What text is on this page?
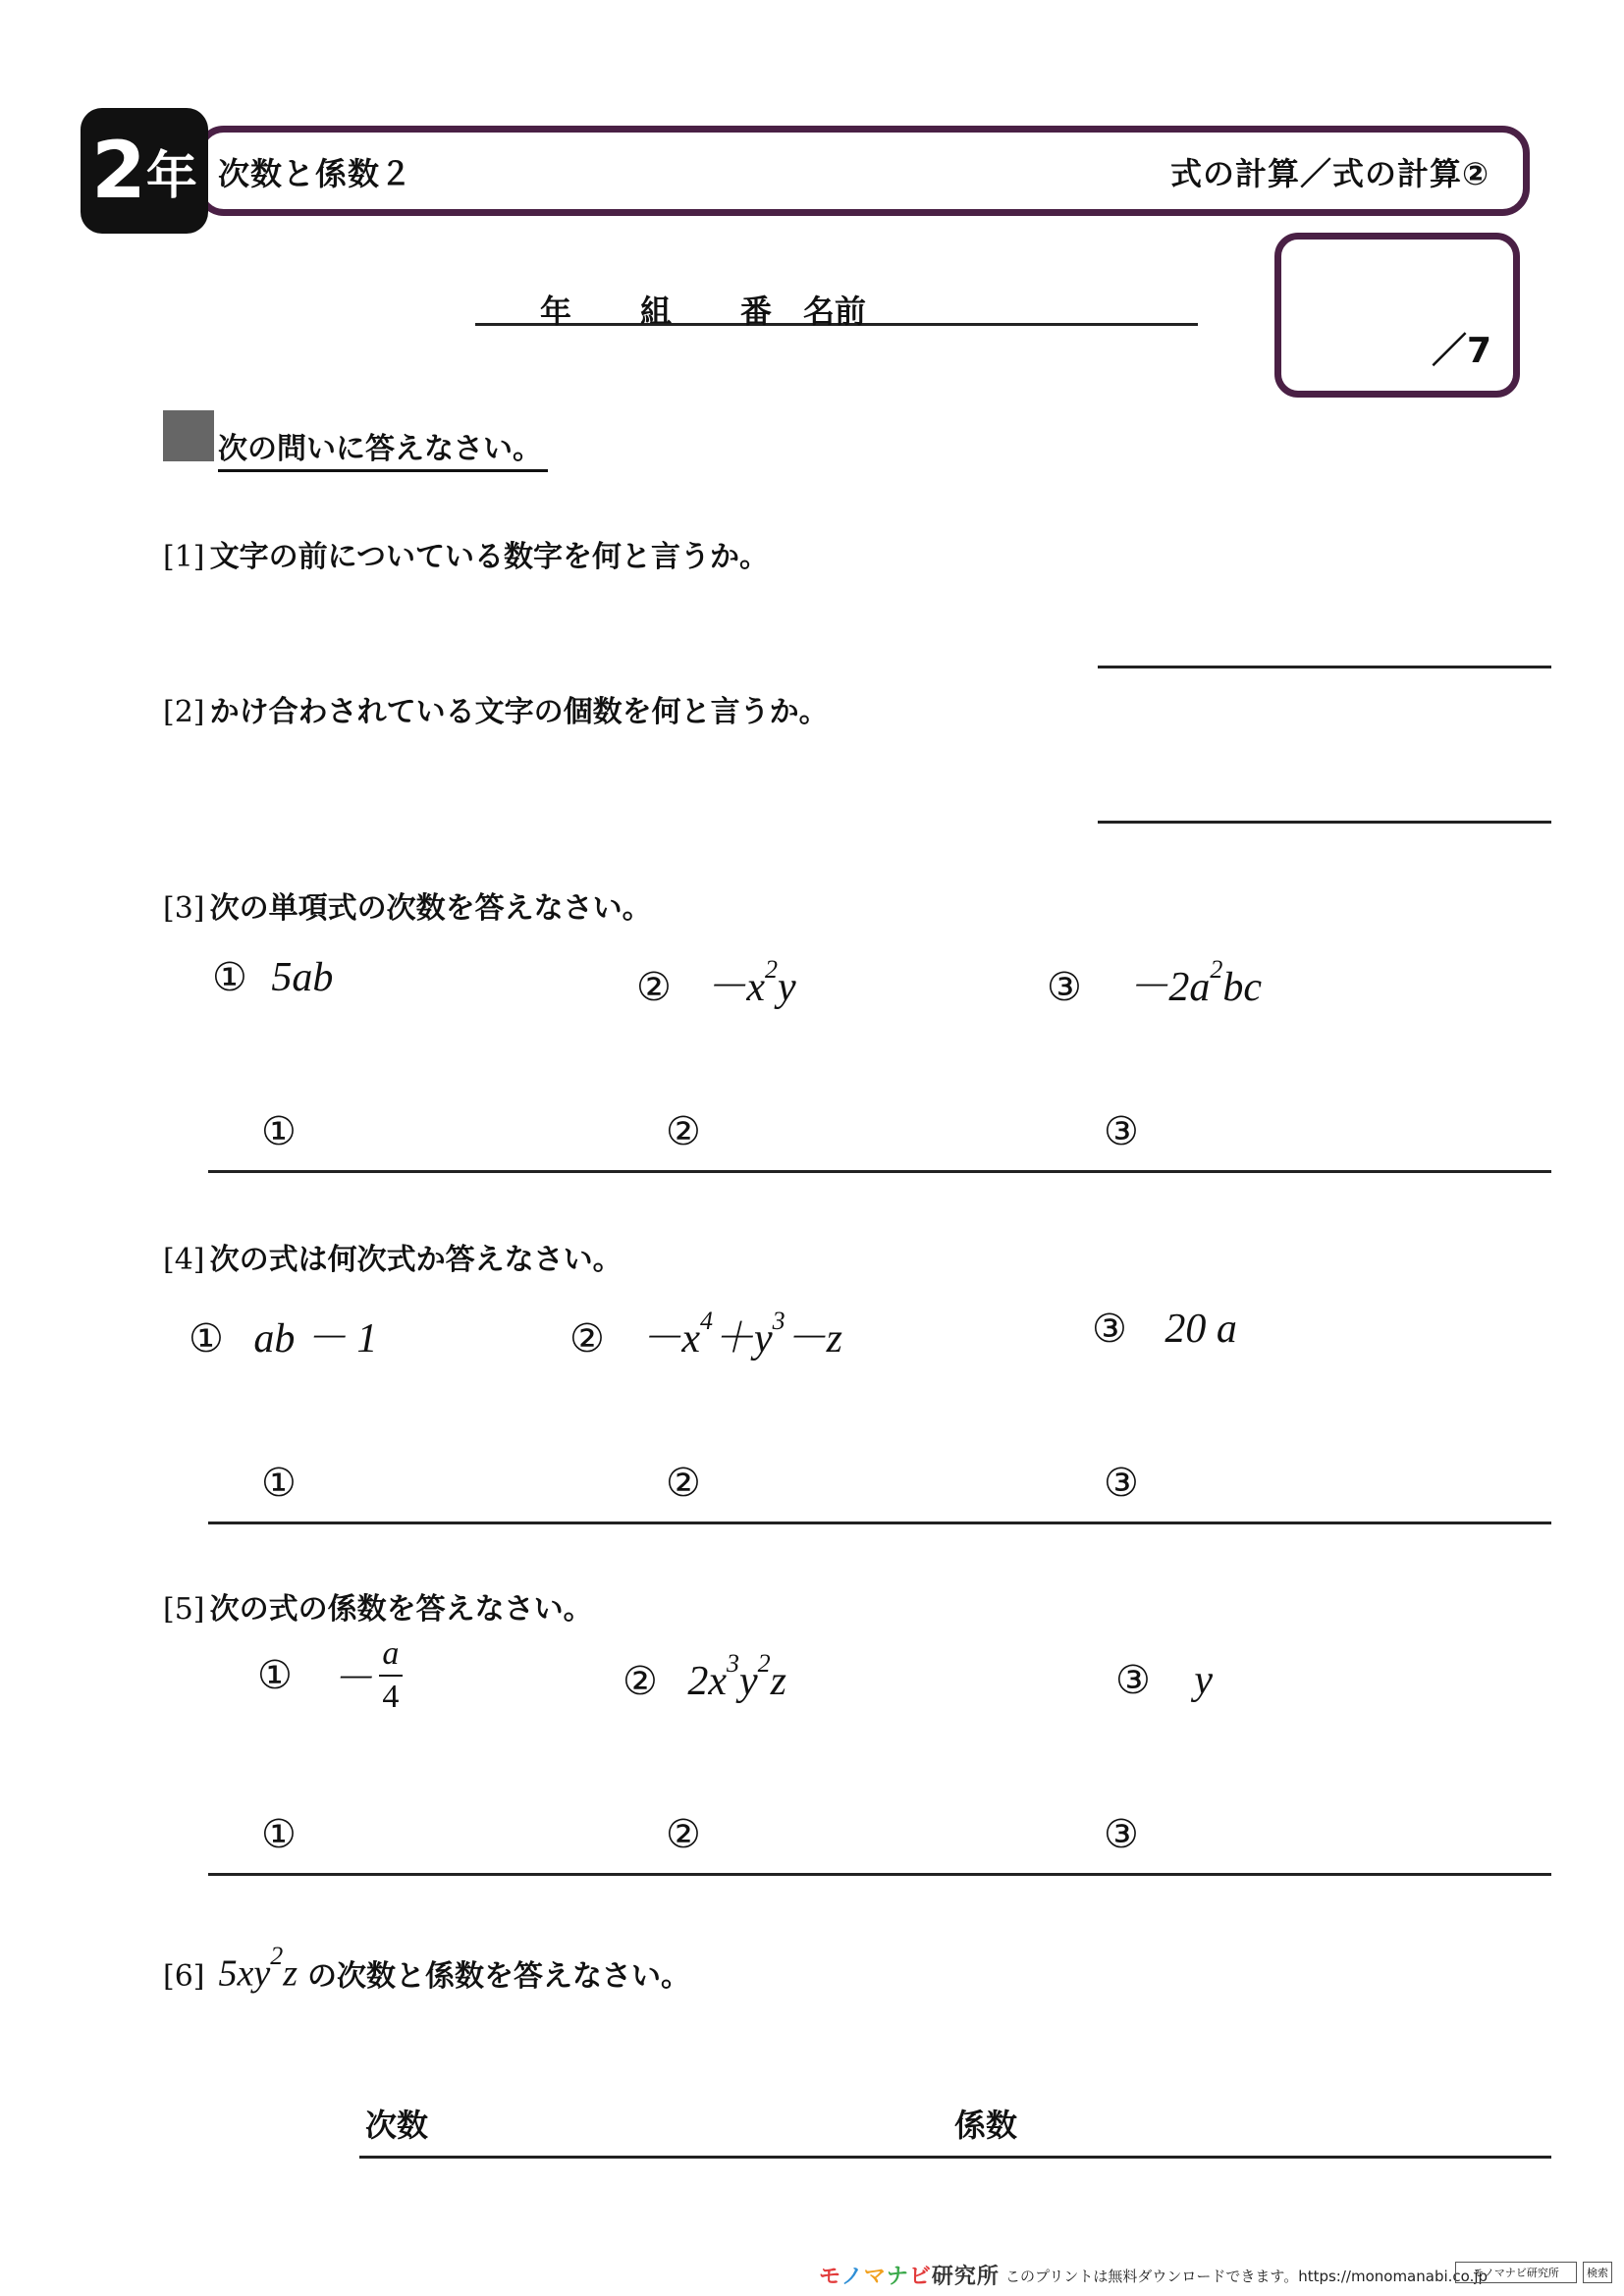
2 年 次数と係数２	式の計算／式の計算②
年 組 番 名前
／7
次の問いに答えなさい。
[1] 文字の前についている数字を何と言うか。
[2] かけ合わされている文字の個数を何と言うか。
[3] 次の単項式の次数を答えなさい。
① 5ab	② $-x^2y$	③ $-2a^2bc$
①	②	③
[4] 次の式は何次式か答えなさい。
① ab － 1	② $-x^4+y^3-z$	③ 20 a
①	②	③
[5] 次の式の係数を答えなさい。
① － $\frac{a}{4}$	② $2x^3y^2z$	③ y
①	②	③
[6] $5xy^2z$ の次数と係数を答えなさい。
次数	係数
モノマナビ研究所 このプリントは無料ダウンロードできます。https://monomanabi.co.jp
モノマナビ研究所	検索
